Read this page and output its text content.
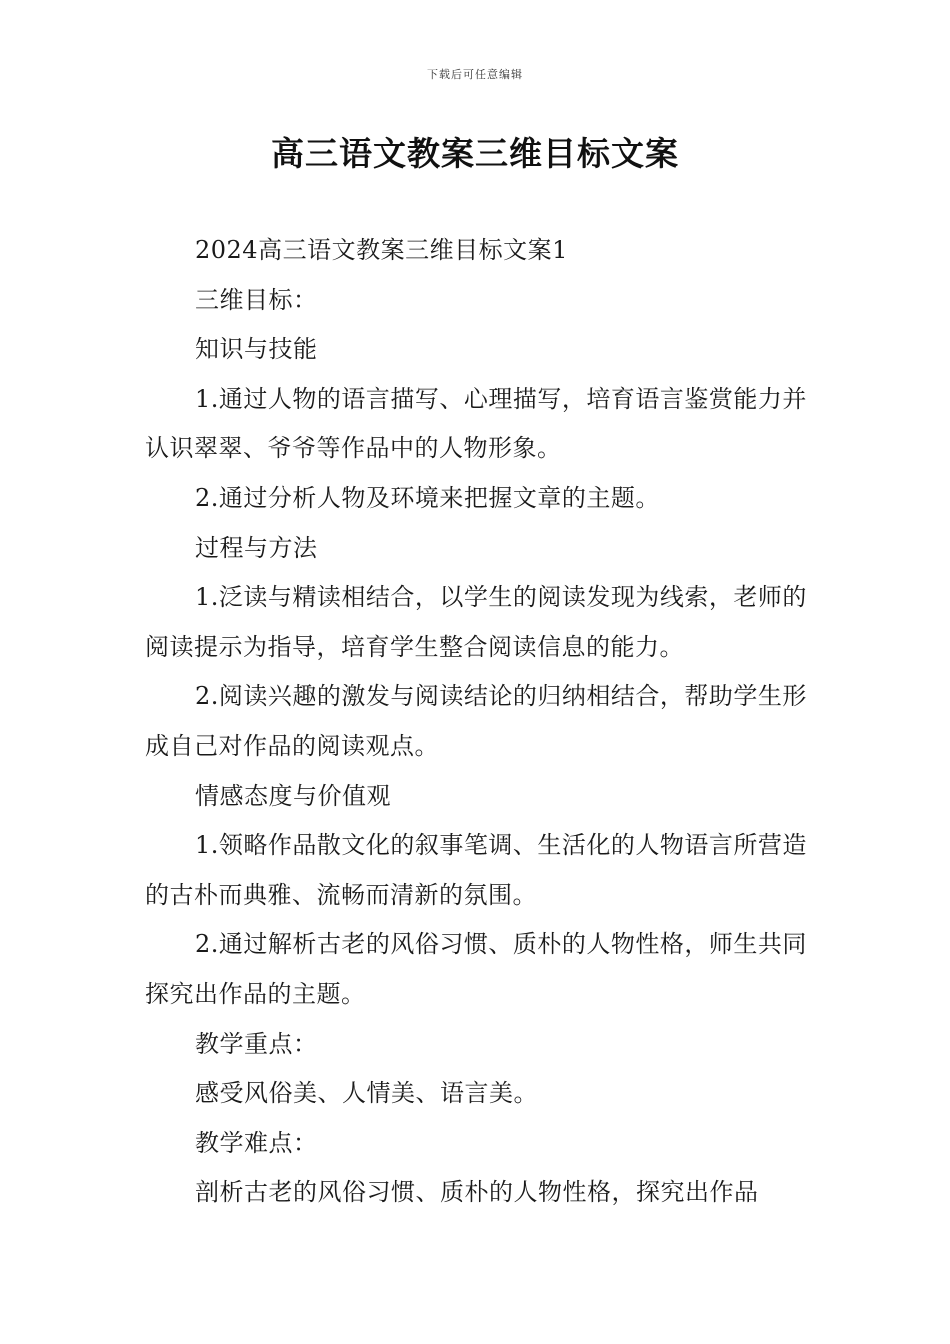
下载后可任意编辑
高三语文教案三维目标文案

2024高三语文教案三维目标文案1

三维目标：

知识与技能

1.通过人物的语言描写、心理描写，培育语言鉴赏能力并认识翠翠、爷爷等作品中的人物形象。

2.通过分析人物及环境来把握文章的主题。

过程与方法

1.泛读与精读相结合，以学生的阅读发现为线索，老师的阅读提示为指导，培育学生整合阅读信息的能力。

2.阅读兴趣的激发与阅读结论的归纳相结合，帮助学生形成自己对作品的阅读观点。

情感态度与价值观

1.领略作品散文化的叙事笔调、生活化的人物语言所营造的古朴而典雅、流畅而清新的氛围。

2.通过解析古老的风俗习惯、质朴的人物性格，师生共同探究出作品的主题。

教学重点：

感受风俗美、人情美、语言美。

教学难点：

剖析古老的风俗习惯、质朴的人物性格，探究出作品
